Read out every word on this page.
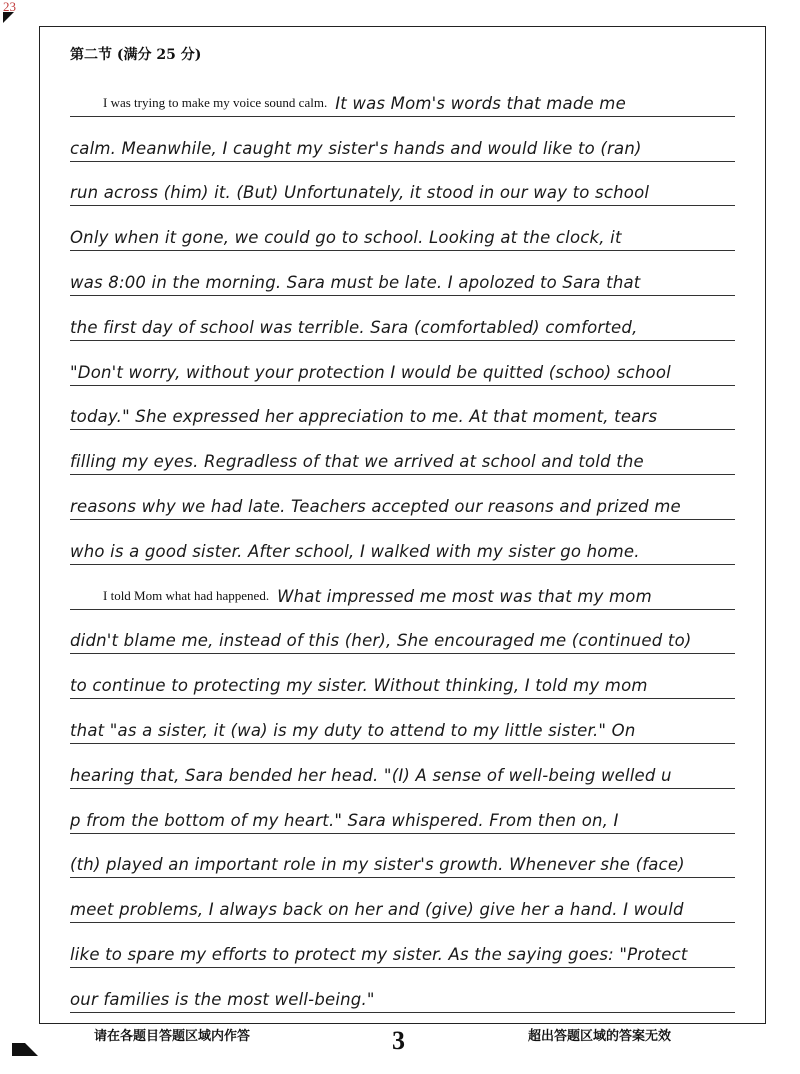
23
第二节 (满分 25 分)
I was trying to make my voice sound calm. It was Mom's words that made me
calm. Meanwhile, I caught my sister's hands and would like to (ran)
run across (him) it. (But) Unfortunately, it stood in our way to school
Only when it gone, we could go to school. Looking at the clock, it
was 8:00 in the morning. Sara must be late. I apolozed to Sara that
the first day of school was terrible. Sara (comfortabled) comforted,
"Don't worry, without your protection I would be quitted (schoo) school
today." She expressed her appreciation to me. At that moment, tears
filling my eyes. Regradless of that we arrived at school and told the
reasons why we had late. Teachers accepted our reasons and prized me
who is a good sister. After school, I walked with my sister go home.
I told Mom what had happened. What impressed me most was that my mom
didn't blame me, instead of this (her), She encouraged me (continued to)
to continue to protecting my sister. Without thinking, I told my mom
that "as a sister, it (wa) is my duty to attend to my little sister." On
hearing that, Sara bended her head. "(I) A sense of well-being welled u
p from the bottom of my heart." Sara whispered. From then on, I
(th) played an important role in my sister's growth. Whenever she (face)
meet problems, I always back on her and (give) give her a hand. I would
like to spare my efforts to protect my sister. As the saying goes: "Protect
our families is the most well-being."
请在各题目答题区域内作答	3	超出答题区域的答案无效
